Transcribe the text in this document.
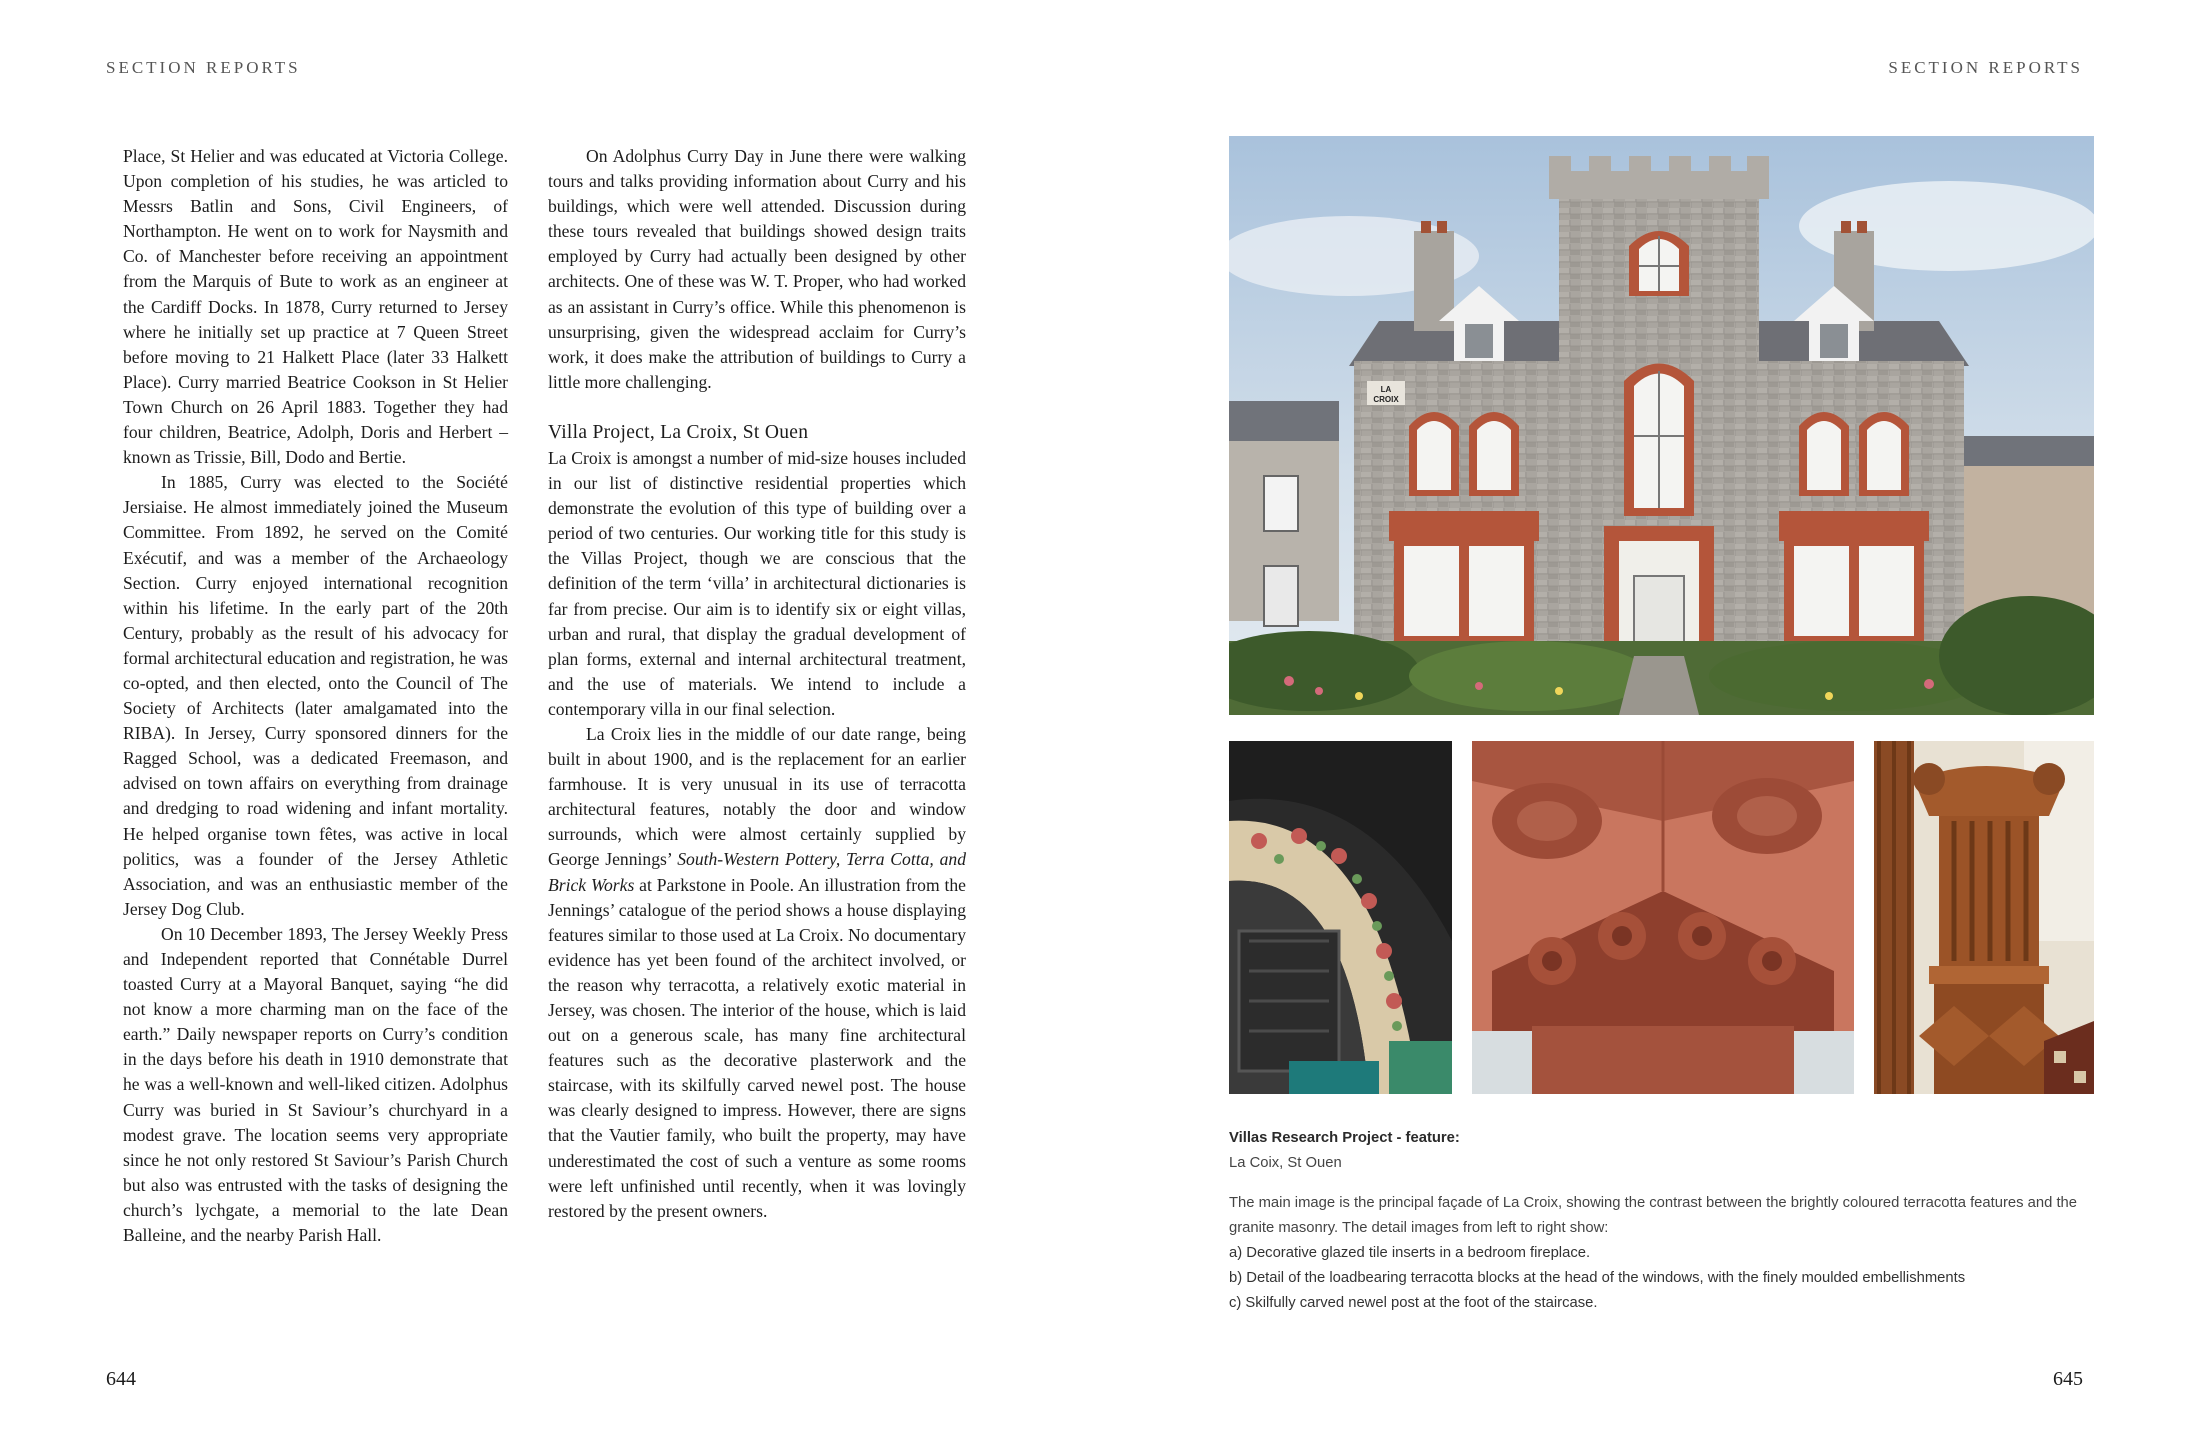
SECTION REPORTS	SECTION REPORTS

Place, St Helier and was educated at Victoria College. Upon completion of his studies, he was articled to Messrs Batlin and Sons, Civil Engineers, of Northampton. He went on to work for Naysmith and Co. of Manchester before receiving an appointment from the Marquis of Bute to work as an engineer at the Cardiff Docks. In 1878, Curry returned to Jersey where he initially set up practice at 7 Queen Street before moving to 21 Halkett Place (later 33 Halkett Place). Curry married Beatrice Cookson in St Helier Town Church on 26 April 1883. Together they had four children, Beatrice, Adolph, Doris and Herbert – known as Trissie, Bill, Dodo and Bertie.

In 1885, Curry was elected to the Société Jersiaise. He almost immediately joined the Museum Committee. From 1892, he served on the Comité Exécutif, and was a member of the Archaeology Section. Curry enjoyed international recognition within his lifetime. In the early part of the 20th Century, probably as the result of his advocacy for formal architectural education and registration, he was co-opted, and then elected, onto the Council of The Society of Architects (later amalgamated into the RIBA). In Jersey, Curry sponsored dinners for the Ragged School, was a dedicated Freemason, and advised on town affairs on everything from drainage and dredging to road widening and infant mortality. He helped organise town fêtes, was active in local politics, was a founder of the Jersey Athletic Association, and was an enthusiastic member of the Jersey Dog Club.

On 10 December 1893, The Jersey Weekly Press and Independent reported that Connétable Durrel toasted Curry at a Mayoral Banquet, saying “he did not know a more charming man on the face of the earth.” Daily newspaper reports on Curry’s condition in the days before his death in 1910 demonstrate that he was a well-known and well-liked citizen. Adolphus Curry was buried in St Saviour’s churchyard in a modest grave. The location seems very appropriate since he not only restored St Saviour’s Parish Church but also was entrusted with the tasks of designing the church’s lychgate, a memorial to the late Dean Balleine, and the nearby Parish Hall.

On Adolphus Curry Day in June there were walking tours and talks providing information about Curry and his buildings, which were well attended. Discussion during these tours revealed that buildings showed design traits employed by Curry had actually been designed by other architects. One of these was W. T. Proper, who had worked as an assistant in Curry’s office. While this phenomenon is unsurprising, given the widespread acclaim for Curry’s work, it does make the attribution of buildings to Curry a little more challenging.

Villa Project, La Croix, St Ouen

La Croix is amongst a number of mid-size houses included in our list of distinctive residential properties which demonstrate the evolution of this type of building over a period of two centuries. Our working title for this study is the Villas Project, though we are conscious that the definition of the term ‘villa’ in architectural dictionaries is far from precise. Our aim is to identify six or eight villas, urban and rural, that display the gradual development of plan forms, external and internal architectural treatment, and the use of materials. We intend to include a contemporary villa in our final selection.

La Croix lies in the middle of our date range, being built in about 1900, and is the replacement for an earlier farmhouse. It is very unusual in its use of terracotta architectural features, notably the door and window surrounds, which were almost certainly supplied by George Jennings’ South-Western Pottery, Terra Cotta, and Brick Works at Parkstone in Poole. An illustration from the Jennings’ catalogue of the period shows a house displaying features similar to those used at La Croix. No documentary evidence has yet been found of the architect involved, or the reason why terracotta, a relatively exotic material in Jersey, was chosen. The interior of the house, which is laid out on a generous scale, has many fine architectural features such as the decorative plasterwork and the staircase, with its skilfully carved newel post. The house was clearly designed to impress. However, there are signs that the Vautier family, who built the property, may have underestimated the cost of such a venture as some rooms were left unfinished until recently, when it was lovingly restored by the present owners.

LA
CROIX
Villas Research Project - feature:
La Coix, St Ouen
The main image is the principal façade of La Croix, showing the contrast between the brightly coloured terracotta features and the granite masonry. The detail images from left to right show:
a) Decorative glazed tile inserts in a bedroom fireplace.
b) Detail of the loadbearing terracotta blocks at the head of the windows, with the finely moulded embellishments
c) Skilfully carved newel post at the foot of the staircase.
644	645
